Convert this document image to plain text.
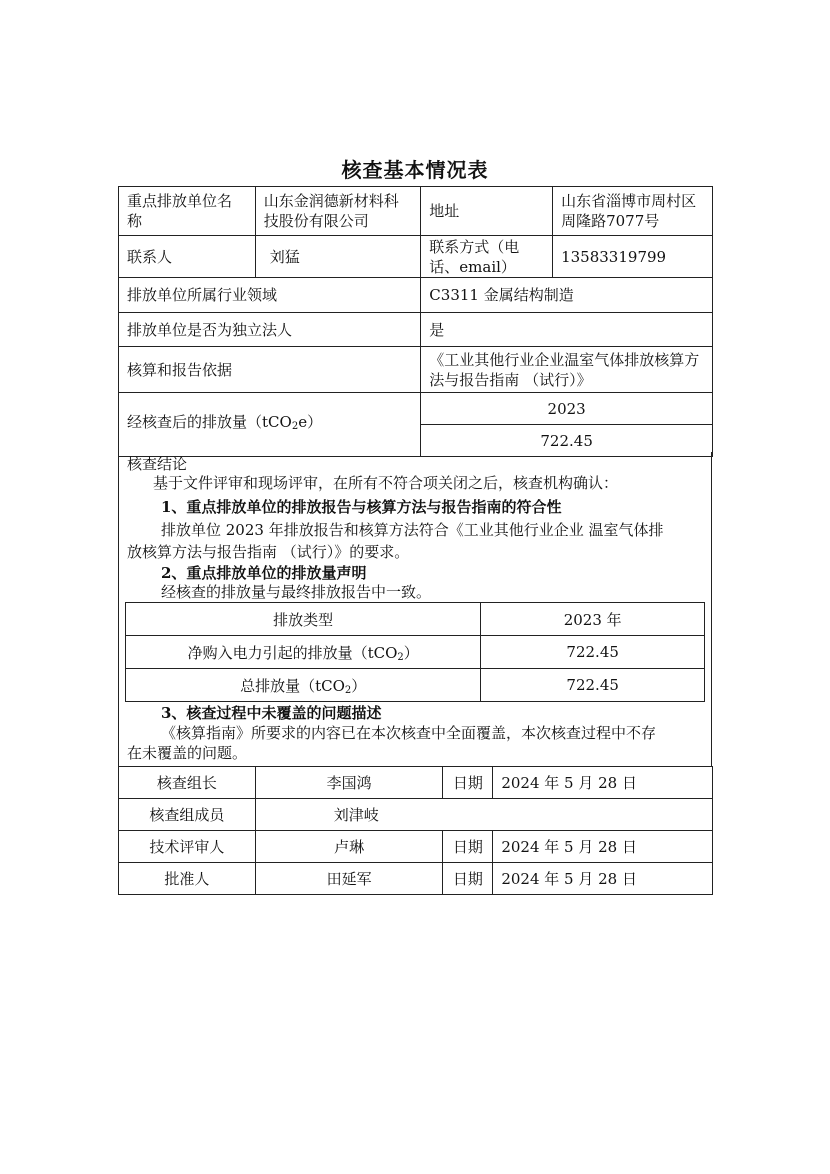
核查基本情况表
重点排放单位名称	山东金润德新材料科技股份有限公司	地址	山东省淄博市周村区周隆路7077号
联系人	刘猛	联系方式（电话、email）	13583319799
排放单位所属行业领域		C3311 金属结构制造	
排放单位是否为独立法人		是	
核算和报告依据		《工业其他行业企业温室气体排放核算方法与报告指南 （试行）》	
经核查后的排放量（tCO$_2$e）		2023	
		722.45	
核查结论
基于文件评审和现场评审，在所有不符合项关闭之后，核查机构确认：
1、重点排放单位的排放报告与核算方法与报告指南的符合性
排放单位 2023 年排放报告和核算方法符合《工业其他行业企业 温室气体排
放核算方法与报告指南 （试行）》的要求。
2、重点排放单位的排放量声明
经核查的排放量与最终排放报告中一致。
排放类型	2023 年
净购入电力引起的排放量（tCO$_2$）	722.45
总排放量（tCO$_2$）	722.45
3、核查过程中未覆盖的问题描述
《核算指南》所要求的内容已在本次核查中全面覆盖，本次核查过程中不存
在未覆盖的问题。
核查组长	李国鸿	日期	2024 年 5 月 28 日
核查组成员	刘津岐		
技术评审人	卢琳	日期	2024 年 5 月 28 日
批准人	田延军	日期	2024 年 5 月 28 日
